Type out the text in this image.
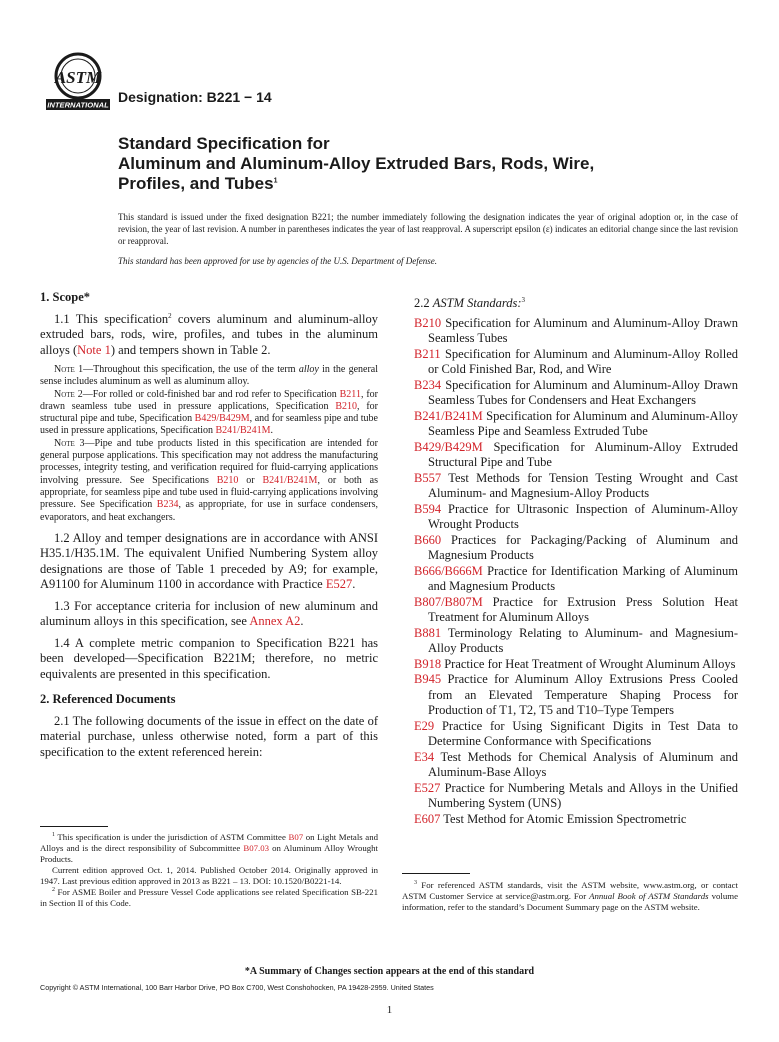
ASTM
INTERNATIONAL Designation: B221 − 14
Standard Specification for
Aluminum and Aluminum-Alloy Extruded Bars, Rods, Wire,
Profiles, and Tubes$^1$
This standard is issued under the fixed designation B221; the number immediately following the designation indicates the year of original adoption or, in the case of revision, the year of last revision. A number in parentheses indicates the year of last reapproval. A superscript epsilon (ε) indicates an editorial change since the last revision or reapproval.
This standard has been approved for use by agencies of the U.S. Department of Defense.
1. Scope*

1.1 This specification$^2$ covers aluminum and aluminum-alloy extruded bars, rods, wire, profiles, and tubes in the aluminum alloys (Note 1) and tempers shown in Table 2.

Note 1—Throughout this specification, the use of the term alloy in the general sense includes aluminum as well as aluminum alloy.

Note 2—For rolled or cold-finished bar and rod refer to Specification B211, for drawn seamless tube used in pressure applications, Specification B210, for structural pipe and tube, Specification B429/B429M, and for seamless pipe and tube used in pressure applications, Specification B241/B241M.

Note 3—Pipe and tube products listed in this specification are intended for general purpose applications. This specification may not address the manufacturing processes, integrity testing, and verification required for fluid-carrying applications involving pressure. See Specifications B210 or B241/B241M, or both as appropriate, for seamless pipe and tube used in fluid-carrying applications involving pressure. See Specification B234, as appropriate, for use in surface condensers, evaporators, and heat exchangers.

1.2 Alloy and temper designations are in accordance with ANSI H35.1/H35.1M. The equivalent Unified Numbering System alloy designations are those of Table 1 preceded by A9; for example, A91100 for Aluminum 1100 in accordance with Practice E527.

1.3 For acceptance criteria for inclusion of new aluminum and aluminum alloys in this specification, see Annex A2.

1.4 A complete metric companion to Specification B221 has been developed—Specification B221M; therefore, no metric equivalents are presented in this specification.

2. Referenced Documents

2.1 The following documents of the issue in effect on the date of material purchase, unless otherwise noted, form a part of this specification to the extent referenced herein:

$^1$ This specification is under the jurisdiction of ASTM Committee B07 on Light Metals and Alloys and is the direct responsibility of Subcommittee B07.03 on Aluminum Alloy Wrought Products.

Current edition approved Oct. 1, 2014. Published October 2014. Originally approved in 1947. Last previous edition approved in 2013 as B221 – 13. DOI: 10.1520/B0221-14.

$^2$ For ASME Boiler and Pressure Vessel Code applications see related Specification SB-221 in Section II of this Code.

2.2 ASTM Standards:$^3$

B210 Specification for Aluminum and Aluminum-Alloy Drawn Seamless Tubes

B211 Specification for Aluminum and Aluminum-Alloy Rolled or Cold Finished Bar, Rod, and Wire

B234 Specification for Aluminum and Aluminum-Alloy Drawn Seamless Tubes for Condensers and Heat Exchangers

B241/B241M Specification for Aluminum and Aluminum-Alloy Seamless Pipe and Seamless Extruded Tube

B429/B429M Specification for Aluminum-Alloy Extruded Structural Pipe and Tube

B557 Test Methods for Tension Testing Wrought and Cast Aluminum- and Magnesium-Alloy Products

B594 Practice for Ultrasonic Inspection of Aluminum-Alloy Wrought Products

B660 Practices for Packaging/Packing of Aluminum and Magnesium Products

B666/B666M Practice for Identification Marking of Aluminum and Magnesium Products

B807/B807M Practice for Extrusion Press Solution Heat Treatment for Aluminum Alloys

B881 Terminology Relating to Aluminum- and Magnesium-Alloy Products

B918 Practice for Heat Treatment of Wrought Aluminum Alloys

B945 Practice for Aluminum Alloy Extrusions Press Cooled from an Elevated Temperature Shaping Process for Production of T1, T2, T5 and T10–Type Tempers

E29 Practice for Using Significant Digits in Test Data to Determine Conformance with Specifications

E34 Test Methods for Chemical Analysis of Aluminum and Aluminum-Base Alloys

E527 Practice for Numbering Metals and Alloys in the Unified Numbering System (UNS)

E607 Test Method for Atomic Emission Spectrometric

$^3$ For referenced ASTM standards, visit the ASTM website, www.astm.org, or contact ASTM Customer Service at service@astm.org. For Annual Book of ASTM Standards volume information, refer to the standard’s Document Summary page on the ASTM website.

*A Summary of Changes section appears at the end of this standard
Copyright © ASTM International, 100 Barr Harbor Drive, PO Box C700, West Conshohocken, PA 19428-2959. United States
1
